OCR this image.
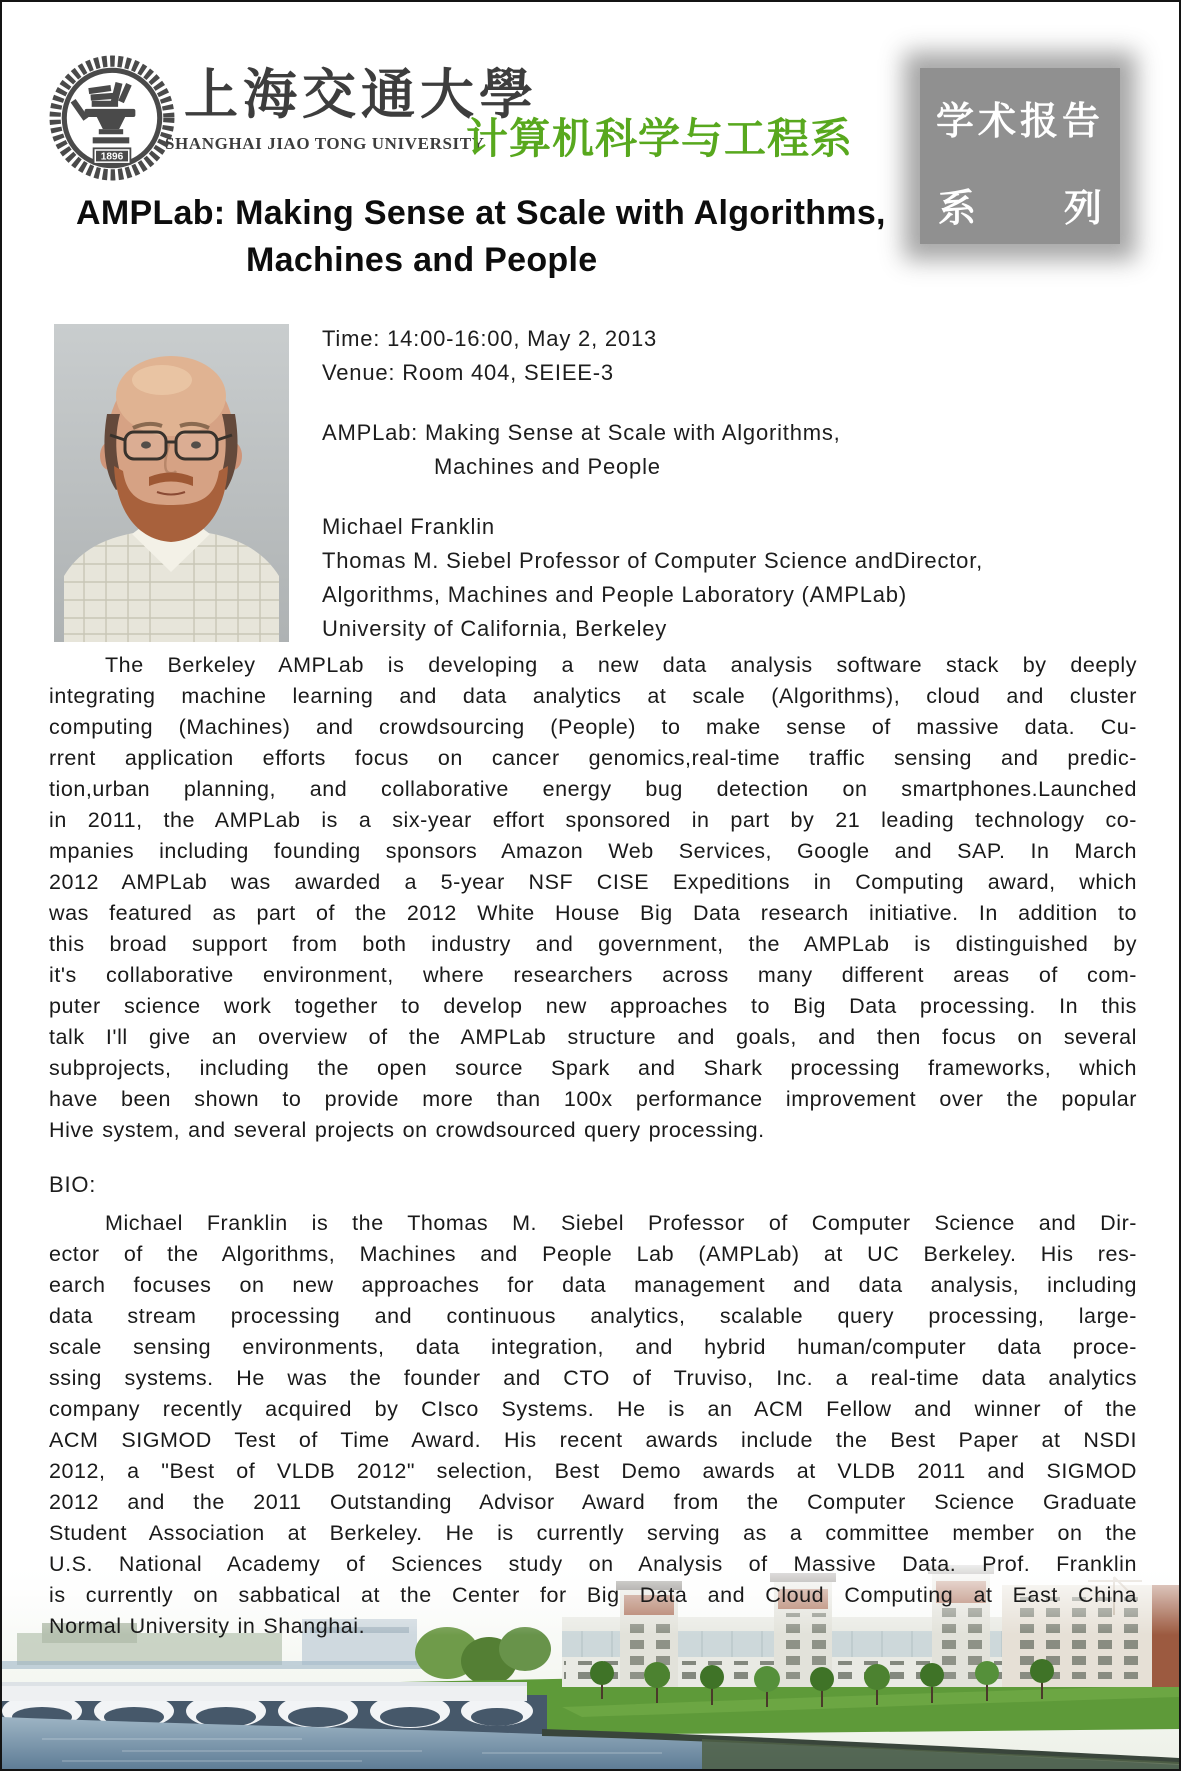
1896
上海交通大學
SHANGHAI JIAO TONG UNIVERSITY
计算机科学与工程系	学术报告
系 列
AMPLab: Making Sense at Scale with Algorithms,
Machines and People
Time: 14:00-16:00, May 2, 2013
Venue: Room 404, SEIEE-3
AMPLab: Making Sense at Scale with Algorithms,
Machines and People
Michael Franklin
Thomas M. Siebel Professor of Computer Science andDirector,
Algorithms, Machines and People Laboratory (AMPLab)
University of California, Berkeley
The Berkeley AMPLab is developing a new data analysis software stack by deeply
integrating machine learning and data analytics at scale (Algorithms), cloud and cluster
computing (Machines) and crowdsourcing (People) to make sense of massive data. Cu-
rrent application efforts focus on cancer genomics,real-time traffic sensing and predic-
tion,urban planning, and collaborative energy bug detection on smartphones.Launched
in 2011, the AMPLab is a six-year effort sponsored in part by 21 leading technology co-
mpanies including founding sponsors Amazon Web Services, Google and SAP. In March
2012 AMPLab was awarded a 5-year NSF CISE Expeditions in Computing award, which
was featured as part of the 2012 White House Big Data research initiative. In addition to
this broad support from both industry and government, the AMPLab is distinguished by
it's collaborative environment, where researchers across many different areas of com-
puter science work together to develop new approaches to Big Data processing. In this
talk I'll give an overview of the AMPLab structure and goals, and then focus on several
subprojects, including the open source Spark and Shark processing frameworks, which
have been shown to provide more than 100x performance improvement over the popular
Hive system, and several projects on crowdsourced query processing.
BIO:
Michael Franklin is the Thomas M. Siebel Professor of Computer Science and Dir-
ector of the Algorithms, Machines and People Lab (AMPLab) at UC Berkeley. His res-
earch focuses on new approaches for data management and data analysis, including
data stream processing and continuous analytics, scalable query processing, large-
scale sensing environments, data integration, and hybrid human/computer data proce-
ssing systems. He was the founder and CTO of Truviso, Inc. a real-time data analytics
company recently acquired by CIsco Systems. He is an ACM Fellow and winner of the
ACM SIGMOD Test of Time Award. His recent awards include the Best Paper at NSDI
2012, a "Best of VLDB 2012" selection, Best Demo awards at VLDB 2011 and SIGMOD
2012 and the 2011 Outstanding Advisor Award from the Computer Science Graduate
Student Association at Berkeley. He is currently serving as a committee member on the
U.S. National Academy of Sciences study on Analysis of Massive Data. Prof. Franklin
is currently on sabbatical at the Center for Big Data and Cloud Computing at East China
Normal University in Shanghai.
